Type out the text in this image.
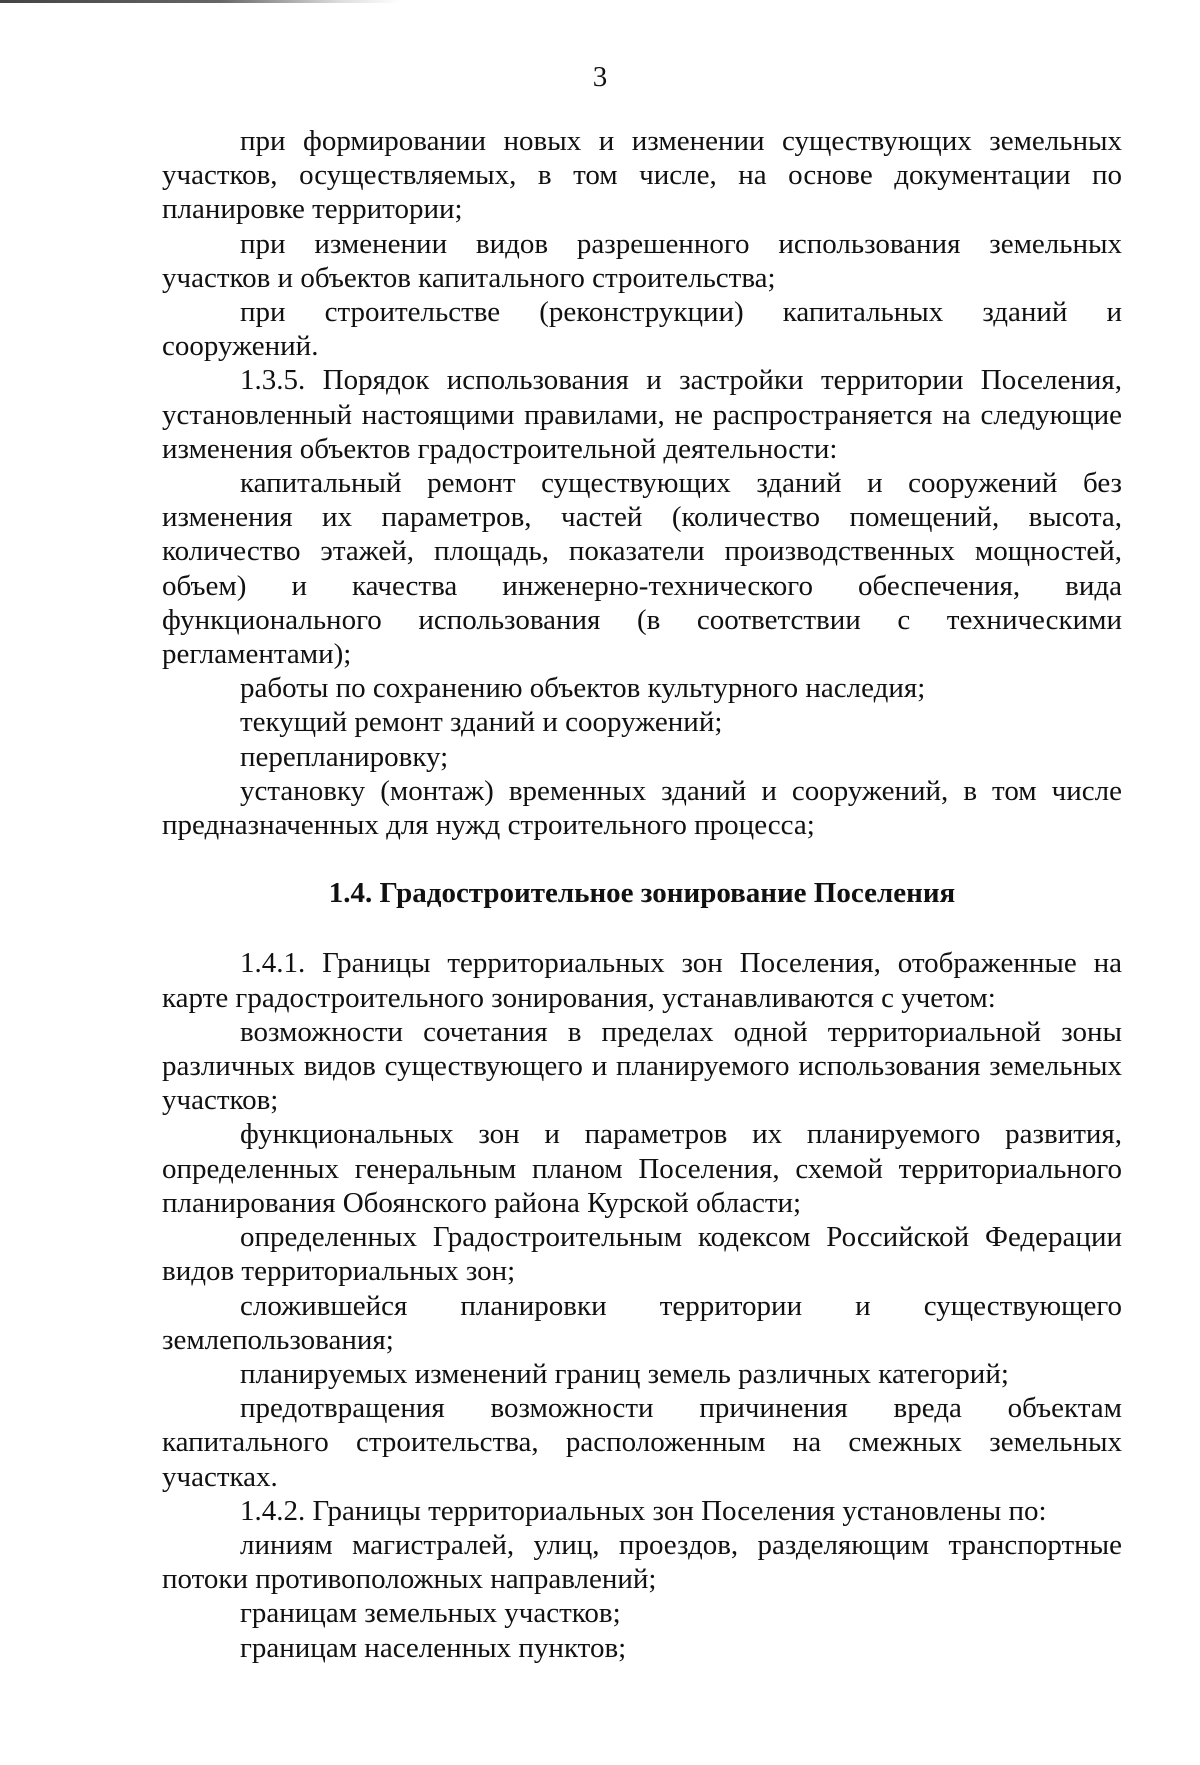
3

при формировании новых и изменении существующих земельных участков, осуществляемых, в том числе, на основе документации по планировке территории;

при изменении видов разрешенного использования земельных участков и объектов капитального строительства;

при строительстве (реконструкции) капитальных зданий и сооружений.

1.3.5. Порядок использования и застройки территории Поселения, установленный настоящими правилами, не распространяется на следующие изменения объектов градостроительной деятельности:

капитальный ремонт существующих зданий и сооружений без изменения их параметров, частей (количество помещений, высота, количество этажей, площадь, показатели производственных мощностей, объем) и качества инженерно-технического обеспечения, вида функционального использования (в соответствии с техническими регламентами);

работы по сохранению объектов культурного наследия;

текущий ремонт зданий и сооружений;

перепланировку;

установку (монтаж) временных зданий и сооружений, в том числе предназначенных для нужд строительного процесса;

1.4. Градостроительное зонирование Поселения

1.4.1. Границы территориальных зон Поселения, отображенные на карте градостроительного зонирования, устанавливаются с учетом:

возможности сочетания в пределах одной территориальной зоны различных видов существующего и планируемого использования земельных участков;

функциональных зон и параметров их планируемого развития, определенных генеральным планом Поселения, схемой территориального планирования Обоянского района Курской области;

определенных Градостроительным кодексом Российской Федерации видов территориальных зон;

сложившейся планировки территории и существующего землепользования;

планируемых изменений границ земель различных категорий;

предотвращения возможности причинения вреда объектам капитального строительства, расположенным на смежных земельных участках.

1.4.2. Границы территориальных зон Поселения установлены по:

линиям магистралей, улиц, проездов, разделяющим транспортные потоки противоположных направлений;

границам земельных участков;

границам населенных пунктов;
